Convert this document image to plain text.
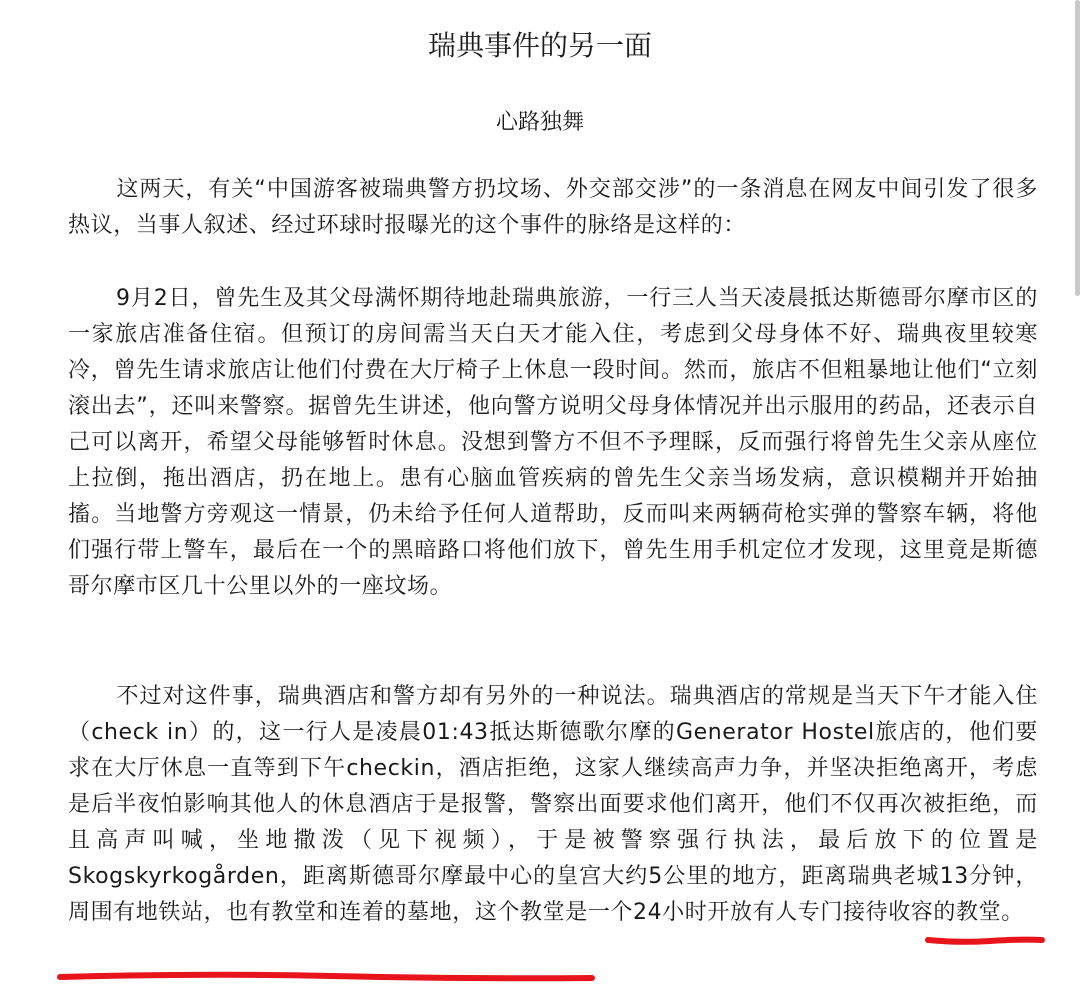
瑞典事件的另一面
心路独舞
这两天，有关“中国游客被瑞典警方扔坟场、外交部交涉”的一条消息在网友中间引发了很多热议，当事人叙述、经过环球时报曝光的这个事件的脉络是这样的：
9月2日，曾先生及其父母满怀期待地赴瑞典旅游，一行三人当天凌晨抵达斯德哥尔摩市区的一家旅店准备住宿。但预订的房间需当天白天才能入住，考虑到父母身体不好、瑞典夜里较寒冷，曾先生请求旅店让他们付费在大厅椅子上休息一段时间。然而，旅店不但粗暴地让他们“立刻滚出去”，还叫来警察。据曾先生讲述，他向警方说明父母身体情况并出示服用的药品，还表示自己可以离开，希望父母能够暂时休息。没想到警方不但不予理睬，反而强行将曾先生父亲从座位上拉倒，拖出酒店，扔在地上。患有心脑血管疾病的曾先生父亲当场发病，意识模糊并开始抽搐。当地警方旁观这一情景，仍未给予任何人道帮助，反而叫来两辆荷枪实弹的警察车辆，将他们强行带上警车，最后在一个的黑暗路口将他们放下，曾先生用手机定位才发现，这里竟是斯德哥尔摩市区几十公里以外的一座坟场。
不过对这件事，瑞典酒店和警方却有另外的一种说法。瑞典酒店的常规是当天下午才能入住（check in）的，这一行人是凌晨01:43抵达斯德歌尔摩的Generator Hostel旅店的，他们要求在大厅休息一直等到下午checkin，酒店拒绝，这家人继续高声力争，并坚决拒绝离开，考虑是后半夜怕影响其他人的休息酒店于是报警，警察出面要求他们离开，他们不仅再次被拒绝，而且高声叫喊，坐地撒泼（见下视频），于是被警察强行执法，最后放下的位置是Skogskyrkogården，距离斯德哥尔摩最中心的皇宫大约5公里的地方，距离瑞典老城13分钟，周围有地铁站，也有教堂和连着的墓地，这个教堂是一个24小时开放有人专门接待收容的教堂。
